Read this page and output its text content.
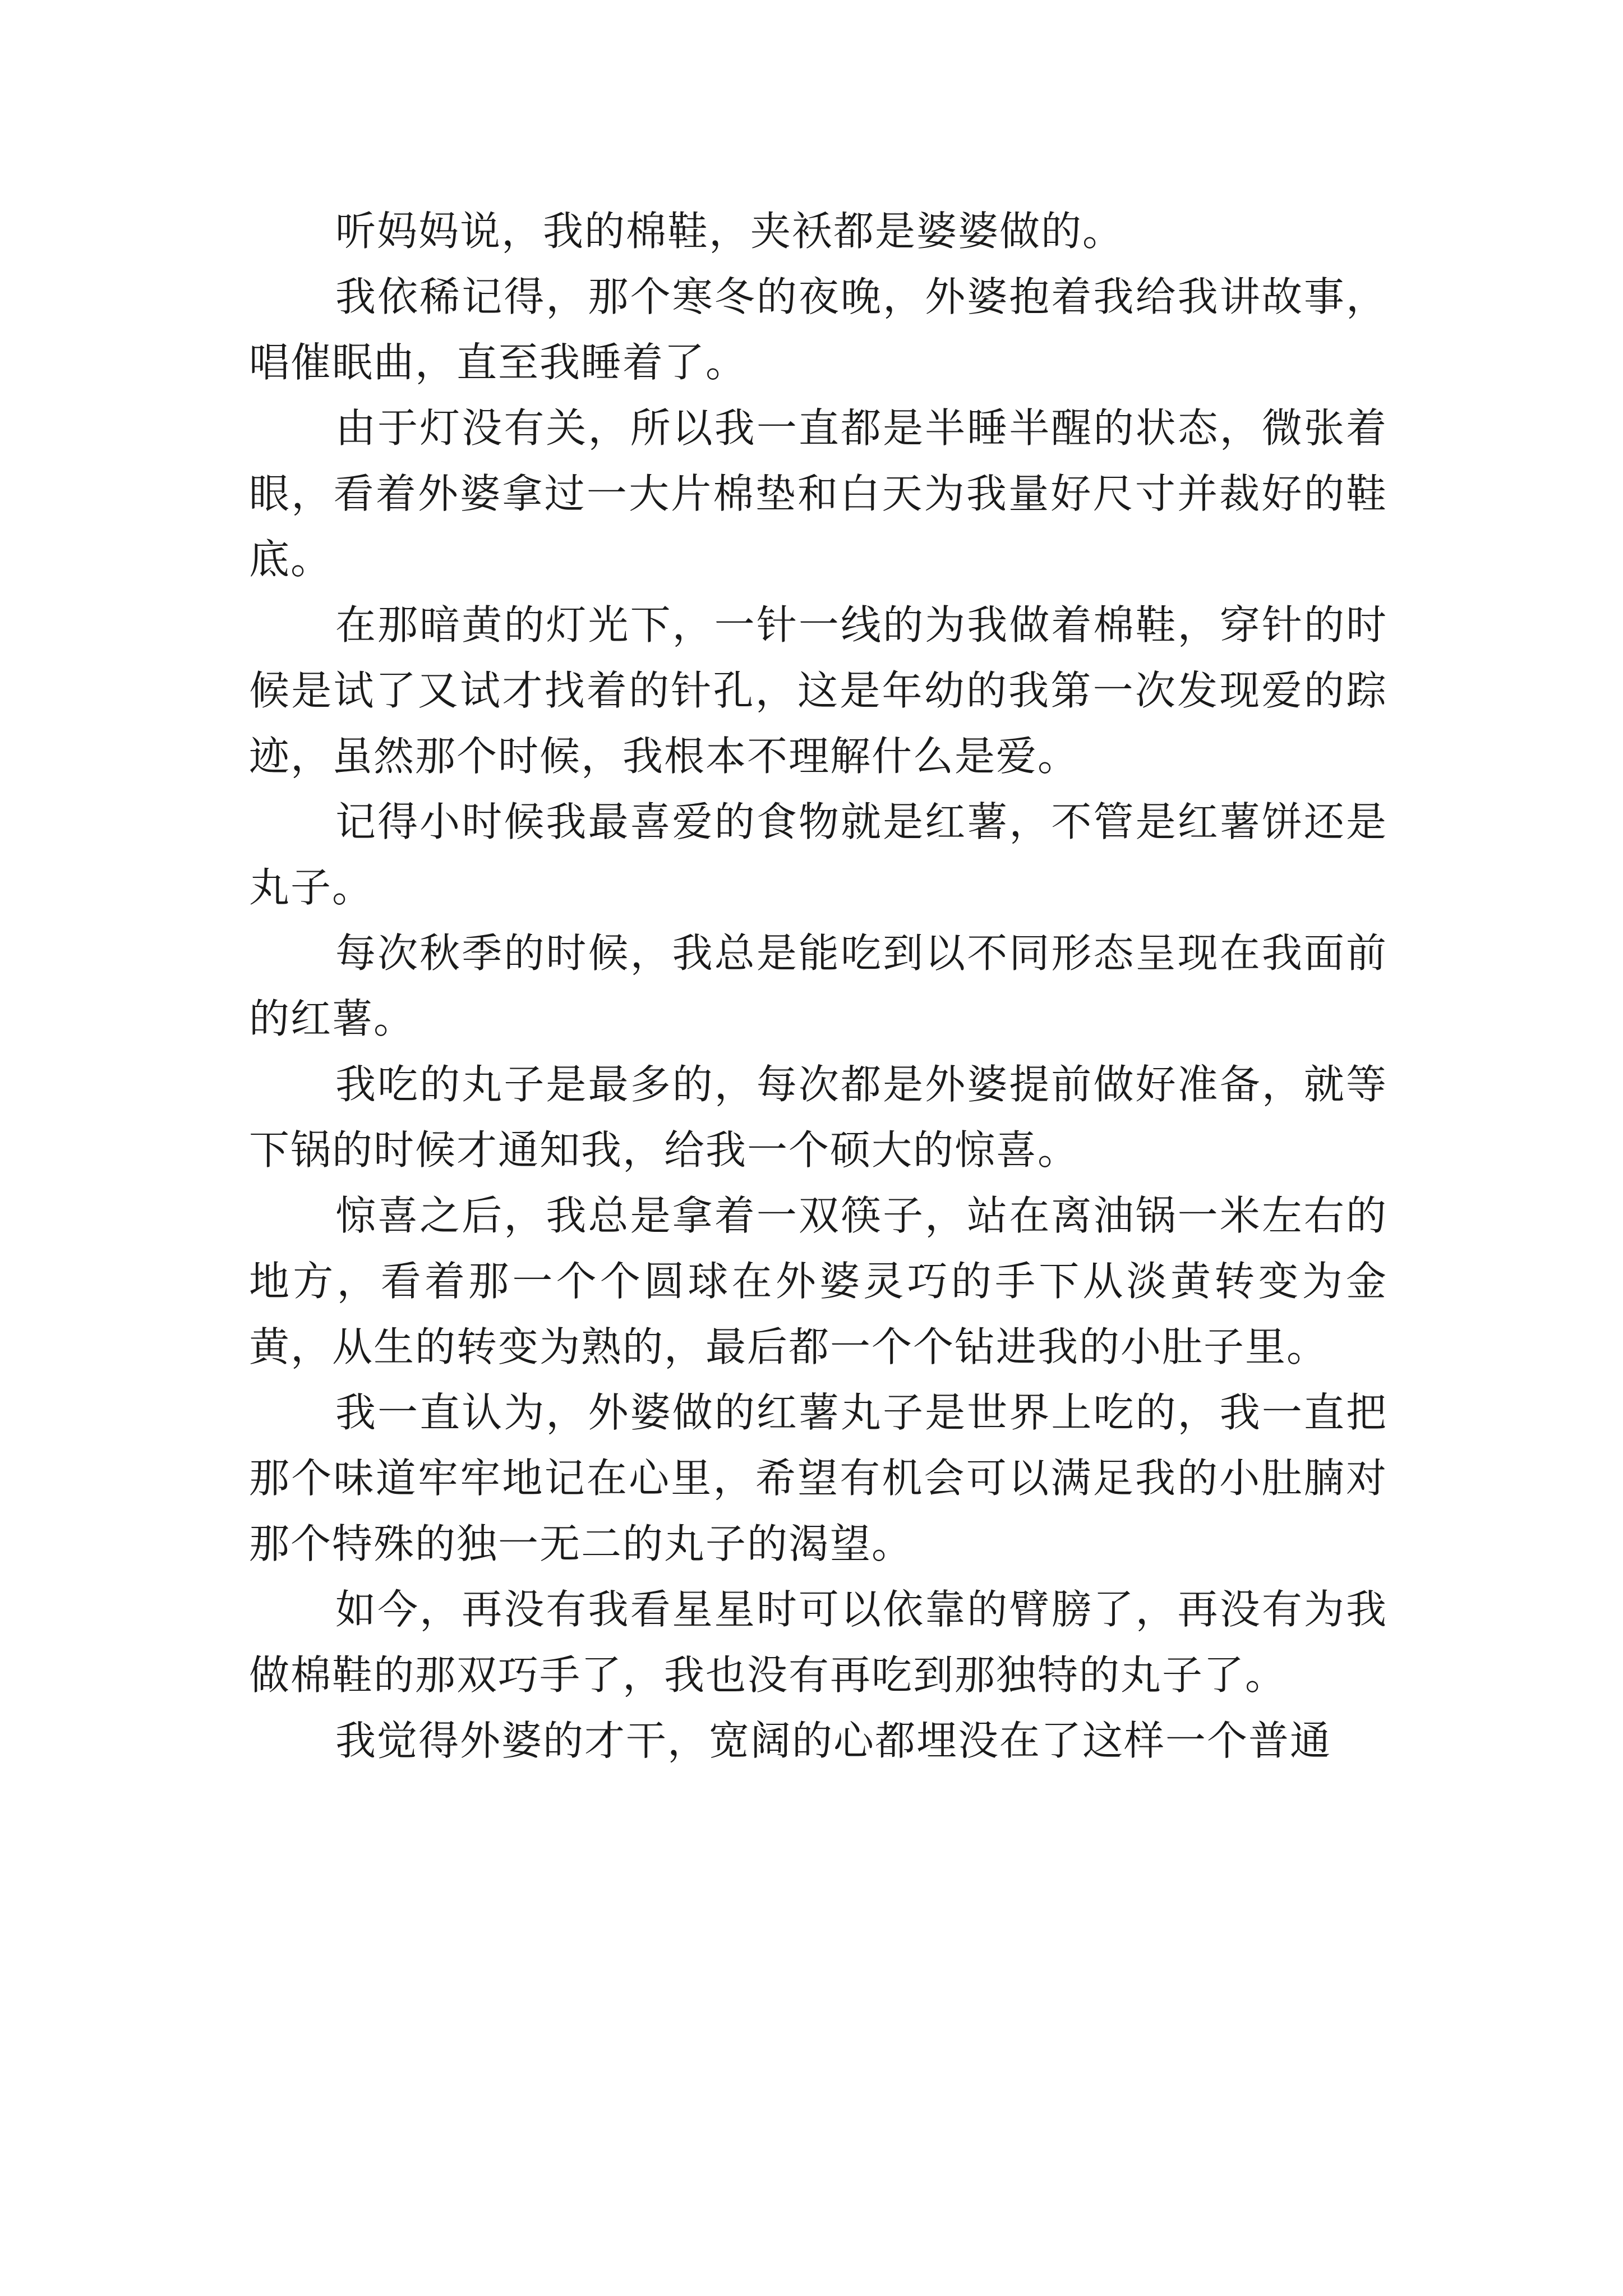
听妈妈说，我的棉鞋，夹袄都是婆婆做的。

我依稀记得，那个寒冬的夜晚，外婆抱着我给我讲故事，唱催眠曲，直至我睡着了。

由于灯没有关，所以我一直都是半睡半醒的状态，微张着眼，看着外婆拿过一大片棉垫和白天为我量好尺寸并裁好的鞋底。

在那暗黄的灯光下，一针一线的为我做着棉鞋，穿针的时候是试了又试才找着的针孔，这是年幼的我第一次发现爱的踪迹，虽然那个时候，我根本不理解什么是爱。

记得小时候我最喜爱的食物就是红薯，不管是红薯饼还是丸子。

每次秋季的时候，我总是能吃到以不同形态呈现在我面前的红薯。

我吃的丸子是最多的，每次都是外婆提前做好准备，就等下锅的时候才通知我，给我一个硕大的惊喜。

惊喜之后，我总是拿着一双筷子，站在离油锅一米左右的地方，看着那一个个圆球在外婆灵巧的手下从淡黄转变为金黄，从生的转变为熟的，最后都一个个钻进我的小肚子里。

我一直认为，外婆做的红薯丸子是世界上吃的，我一直把那个味道牢牢地记在心里，希望有机会可以满足我的小肚腩对那个特殊的独一无二的丸子的渴望。

如今，再没有我看星星时可以依靠的臂膀了，再没有为我做棉鞋的那双巧手了，我也没有再吃到那独特的丸子了。

我觉得外婆的才干，宽阔的心都埋没在了这样一个普通
